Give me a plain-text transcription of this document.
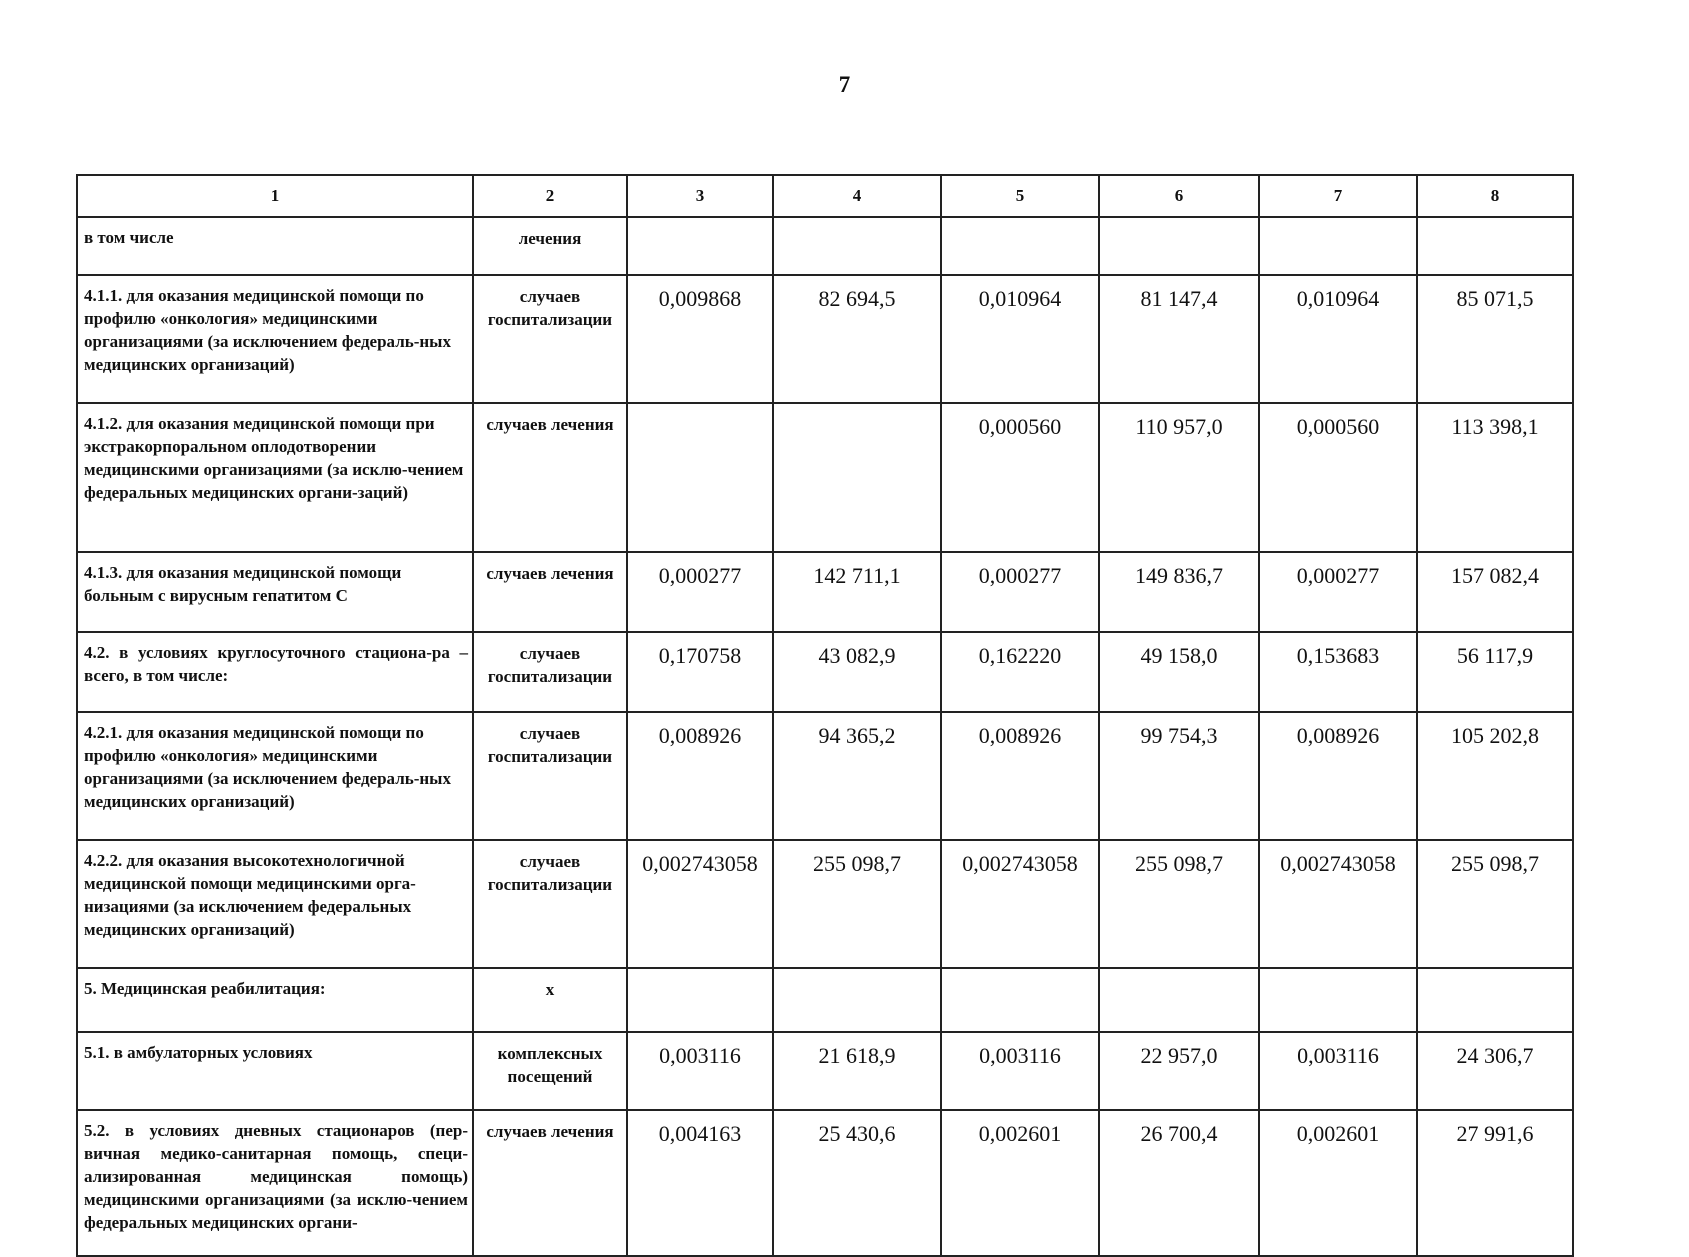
7
1	2	3	4	5	6	7	8
в том числе	лечения						
4.1.1. для оказания медицинской помощи по профилю «онкология» медицинскими организациями (за исключением федераль-ных медицинских организаций)	случаев госпитализации	0,009868	82 694,5	0,010964	81 147,4	0,010964	85 071,5
4.1.2. для оказания медицинской помощи при экстракорпоральном оплодотворении медицинскими организациями (за исклю-чением федеральных медицинских органи-заций)	случаев лечения			0,000560	110 957,0	0,000560	113 398,1
4.1.3. для оказания медицинской помощи больным с вирусным гепатитом С	случаев лечения	0,000277	142 711,1	0,000277	149 836,7	0,000277	157 082,4
4.2. в условиях круглосуточного стациона-ра – всего, в том числе:	случаев госпитализации	0,170758	43 082,9	0,162220	49 158,0	0,153683	56 117,9
4.2.1. для оказания медицинской помощи по профилю «онкология» медицинскими организациями (за исключением федераль-ных медицинских организаций)	случаев госпитализации	0,008926	94 365,2	0,008926	99 754,3	0,008926	105 202,8
4.2.2. для оказания высокотехнологичной медицинской помощи медицинскими орга-низациями (за исключением федеральных медицинских организаций)	случаев госпитализации	0,002743058	255 098,7	0,002743058	255 098,7	0,002743058	255 098,7
5. Медицинская реабилитация:	х						
5.1. в амбулаторных условиях	комплексных посещений	0,003116	21 618,9	0,003116	22 957,0	0,003116	24 306,7
5.2. в условиях дневных стационаров (пер-вичная медико-санитарная помощь, специ-ализированная медицинская помощь) медицинскими организациями (за исклю-чением федеральных медицинских органи-	случаев лечения	0,004163	25 430,6	0,002601	26 700,4	0,002601	27 991,6
